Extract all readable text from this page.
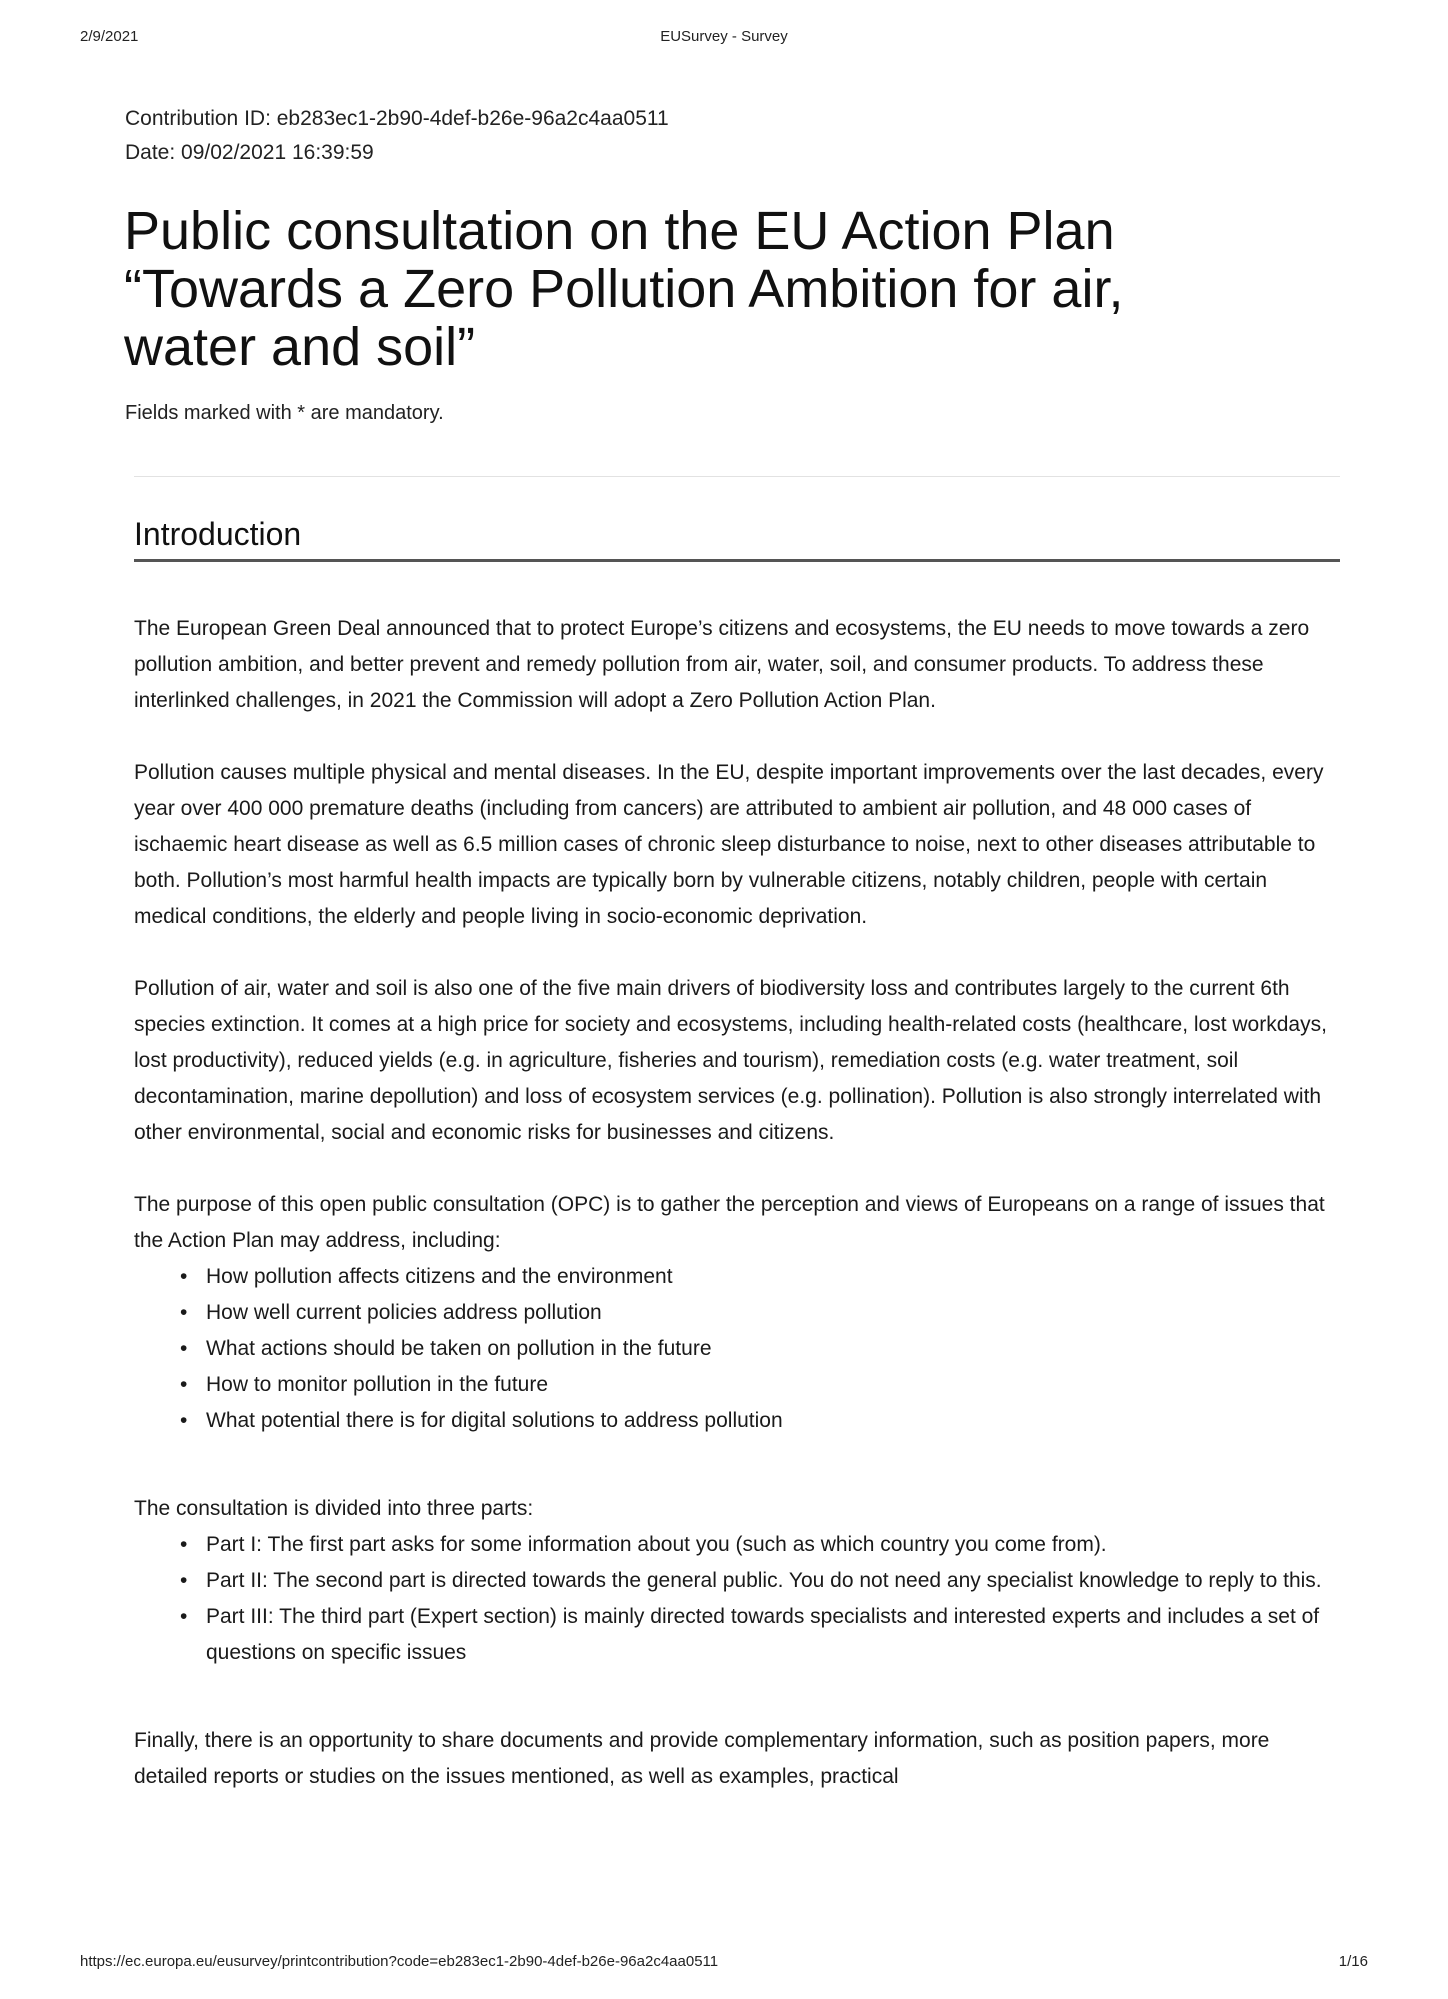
2/9/2021	EUSurvey - Survey
Contribution ID: eb283ec1-2b90-4def-b26e-96a2c4aa0511
Date: 09/02/2021 16:39:59
Public consultation on the EU Action Plan “Towards a Zero Pollution Ambition for air, water and soil”
Fields marked with * are mandatory.
Introduction

The European Green Deal announced that to protect Europe’s citizens and ecosystems, the EU needs to move towards a zero pollution ambition, and better prevent and remedy pollution from air, water, soil, and consumer products. To address these interlinked challenges, in 2021 the Commission will adopt a Zero Pollution Action Plan.

Pollution causes multiple physical and mental diseases. In the EU, despite important improvements over the last decades, every year over 400 000 premature deaths (including from cancers) are attributed to ambient air pollution, and 48 000 cases of ischaemic heart disease as well as 6.5 million cases of chronic sleep disturbance to noise, next to other diseases attributable to both. Pollution’s most harmful health impacts are typically born by vulnerable citizens, notably children, people with certain medical conditions, the elderly and people living in socio-economic deprivation.

Pollution of air, water and soil is also one of the five main drivers of biodiversity loss and contributes largely to the current 6th species extinction. It comes at a high price for society and ecosystems, including health-related costs (healthcare, lost workdays, lost productivity), reduced yields (e.g. in agriculture, fisheries and tourism), remediation costs (e.g. water treatment, soil decontamination, marine depollution) and loss of ecosystem services (e.g. pollination). Pollution is also strongly interrelated with other environmental, social and economic risks for businesses and citizens.

The purpose of this open public consultation (OPC) is to gather the perception and views of Europeans on a range of issues that the Action Plan may address, including:

• How pollution affects citizens and the environment
• How well current policies address pollution
• What actions should be taken on pollution in the future
• How to monitor pollution in the future
• What potential there is for digital solutions to address pollution

The consultation is divided into three parts:

• Part I: The first part asks for some information about you (such as which country you come from).
• Part II: The second part is directed towards the general public. You do not need any specialist knowledge to reply to this.
• Part III: The third part (Expert section) is mainly directed towards specialists and interested experts and includes a set of questions on specific issues

Finally, there is an opportunity to share documents and provide complementary information, such as position papers, more detailed reports or studies on the issues mentioned, as well as examples, practical

https://ec.europa.eu/eusurvey/printcontribution?code=eb283ec1-2b90-4def-b26e-96a2c4aa0511	1/16
